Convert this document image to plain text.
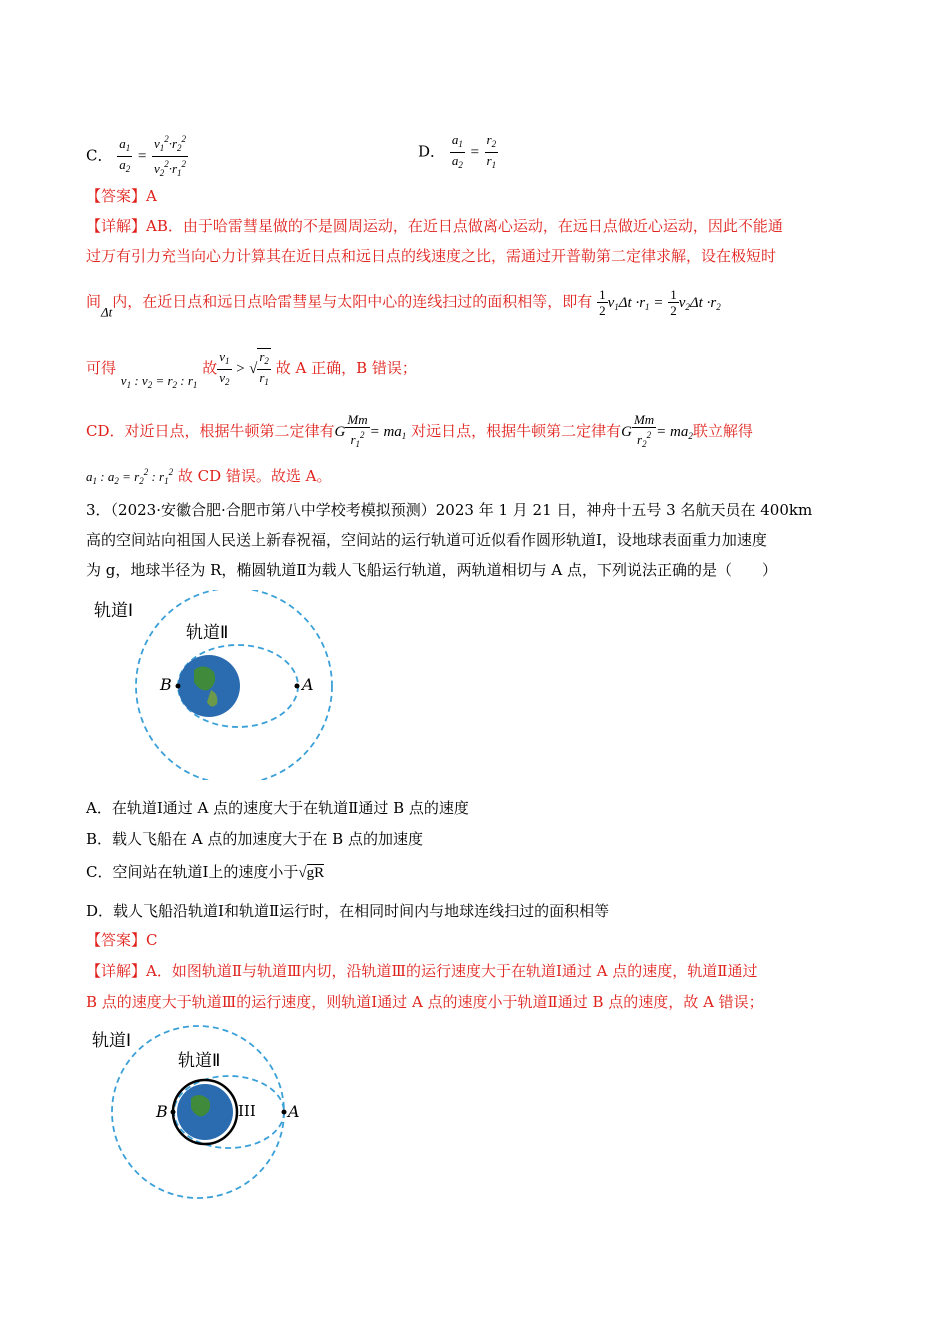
C． $\frac{a_1}{a_2} = \frac{v_1^2\cdot r_2^2}{v_2^2\cdot r_1^2}$	D． $\frac{a_1}{a_2} = \frac{r_2}{r_1}$
【答案】A
【详解】AB．由于哈雷彗星做的不是圆周运动，在近日点做离心运动，在远日点做近心运动，因此不能通
过万有引力充当向心力计算其在近日点和远日点的线速度之比，需通过开普勒第二定律求解，设在极短时
间Δt内，在近日点和远日点哈雷彗星与太阳中心的连线扫过的面积相等，即有 $\frac{1}{2} v_1\Delta t \cdot r_1 = \frac{1}{2} v_2\Delta t \cdot r_2$
可得 $v_1$ : $v_2 = r_2$ : $r_1$ 故 $\frac{v_1}{v_2}$ > √ $\frac{r_2}{r_1}$ 故 A 正确，B 错误；
CD．对近日点，根据牛顿第二定律有G $\frac{Mm}{r_1^2} = ma_1$ 对远日点，根据牛顿第二定律有G $\frac{Mm}{r_2^2} = ma_2$联立解得
$a_1$ : $a_2 = r_2^2$ : $r_1^2$ 故 CD 错误。故选 A。
3．（2023·安徽合肥·合肥市第八中学校考模拟预测）2023 年 1 月 21 日，神舟十五号 3 名航天员在 400km
高的空间站向祖国人民送上新春祝福，空间站的运行轨道可近似看作圆形轨道Ⅰ，设地球表面重力加速度
为 g，地球半径为 R，椭圆轨道Ⅱ为载人飞船运行轨道，两轨道相切与 A 点，下列说法正确的是（　　）
轨道Ⅰ
轨道Ⅱ
B	A
A．在轨道Ⅰ通过 A 点的速度大于在轨道Ⅱ通过 B 点的速度
B．载人飞船在 A 点的加速度大于在 B 点的加速度
C．空间站在轨道Ⅰ上的速度小于√gR
D．载人飞船沿轨道Ⅰ和轨道Ⅱ运行时，在相同时间内与地球连线扫过的面积相等
【答案】C
【详解】A．如图轨道Ⅱ与轨道Ⅲ内切，沿轨道Ⅲ的运行速度大于在轨道Ⅰ通过 A 点的速度，轨道Ⅱ通过
B 点的速度大于轨道Ⅲ的运行速度，则轨道Ⅰ通过 A 点的速度小于轨道Ⅱ通过 B 点的速度，故 A 错误；
轨道Ⅰ
轨道Ⅱ
III
B	A
